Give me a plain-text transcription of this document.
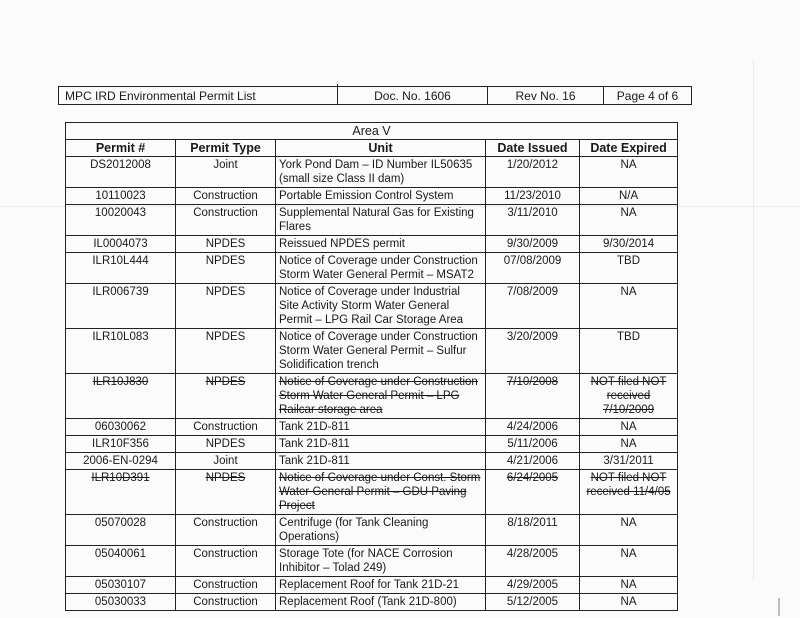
MPC IRD Environmental Permit List	Doc. No. 1606	Rev No. 16	Page 4 of 6
Area V				
Permit #	Permit Type	Unit	Date Issued	Date Expired
DS2012008	Joint	York Pond Dam – ID Number IL50635 (small size Class II dam)	1/20/2012	NA
10110023	Construction	Portable Emission Control System	11/23/2010	N/A
10020043	Construction	Supplemental Natural Gas for Existing Flares	3/11/2010	NA
IL0004073	NPDES	Reissued NPDES permit	9/30/2009	9/30/2014
ILR10L444	NPDES	Notice of Coverage under Construction Storm Water General Permit – MSAT2	07/08/2009	TBD
ILR006739	NPDES	Notice of Coverage under Industrial Site Activity Storm Water General Permit – LPG Rail Car Storage Area	7/08/2009	NA
ILR10L083	NPDES	Notice of Coverage under Construction Storm Water General Permit – Sulfur Solidification trench	3/20/2009	TBD
ILR10J830	NPDES	Notice of Coverage under Construction Storm Water General Permit – LPG Railcar storage area	7/10/2008	NOT filed NOT received 7/10/2009
06030062	Construction	Tank 21D-811	4/24/2006	NA
ILR10F356	NPDES	Tank 21D-811	5/11/2006	NA
2006-EN-0294	Joint	Tank 21D-811	4/21/2006	3/31/2011
ILR10D391	NPDES	Notice of Coverage under Const. Storm Water General Permit – GDU Paving Project	6/24/2005	NOT filed NOT received 11/4/05
05070028	Construction	Centrifuge (for Tank Cleaning Operations)	8/18/2011	NA
05040061	Construction	Storage Tote (for NACE Corrosion Inhibitor – Tolad 249)	4/28/2005	NA
05030107	Construction	Replacement Roof for Tank 21D-21	4/29/2005	NA
05030033	Construction	Replacement Roof (Tank 21D-800)	5/12/2005	NA
